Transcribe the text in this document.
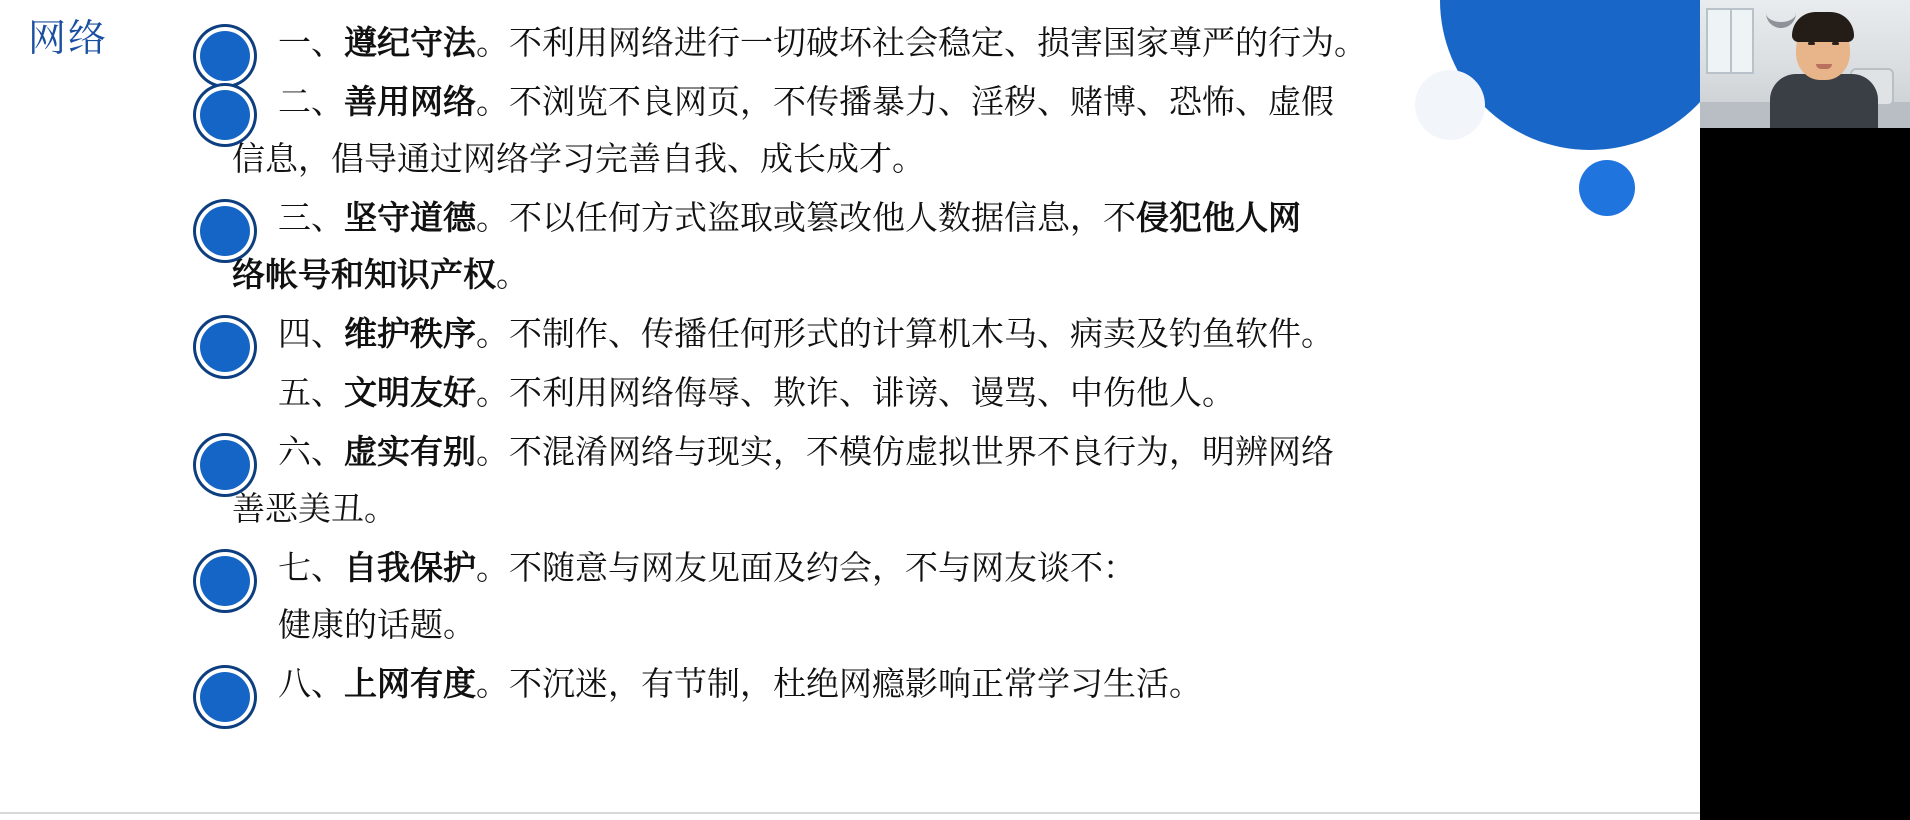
网络	一、遵纪守法。不利用网络进行一切破坏社会稳定、损害国家尊严的行为。
二、善用网络。不浏览不良网页，不传播暴力、淫秽、赌博、恐怖、虚假
信息，倡导通过网络学习完善自我、成长成才。
三、坚守道德。不以任何方式盗取或篡改他人数据信息，不侵犯他人网
络帐号和知识产权。
四、维护秩序。不制作、传播任何形式的计算机木马、病卖及钓鱼软件。
五、文明友好。不利用网络侮辱、欺诈、诽谤、谩骂、中伤他人。
六、虚实有别。不混淆网络与现实，不模仿虚拟世界不良行为，明辨网络
善恶美丑。
七、自我保护。不随意与网友见面及约会，不与网友谈不：
健康的话题。
八、上网有度。不沉迷，有节制，杜绝网瘾影响正常学习生活。
